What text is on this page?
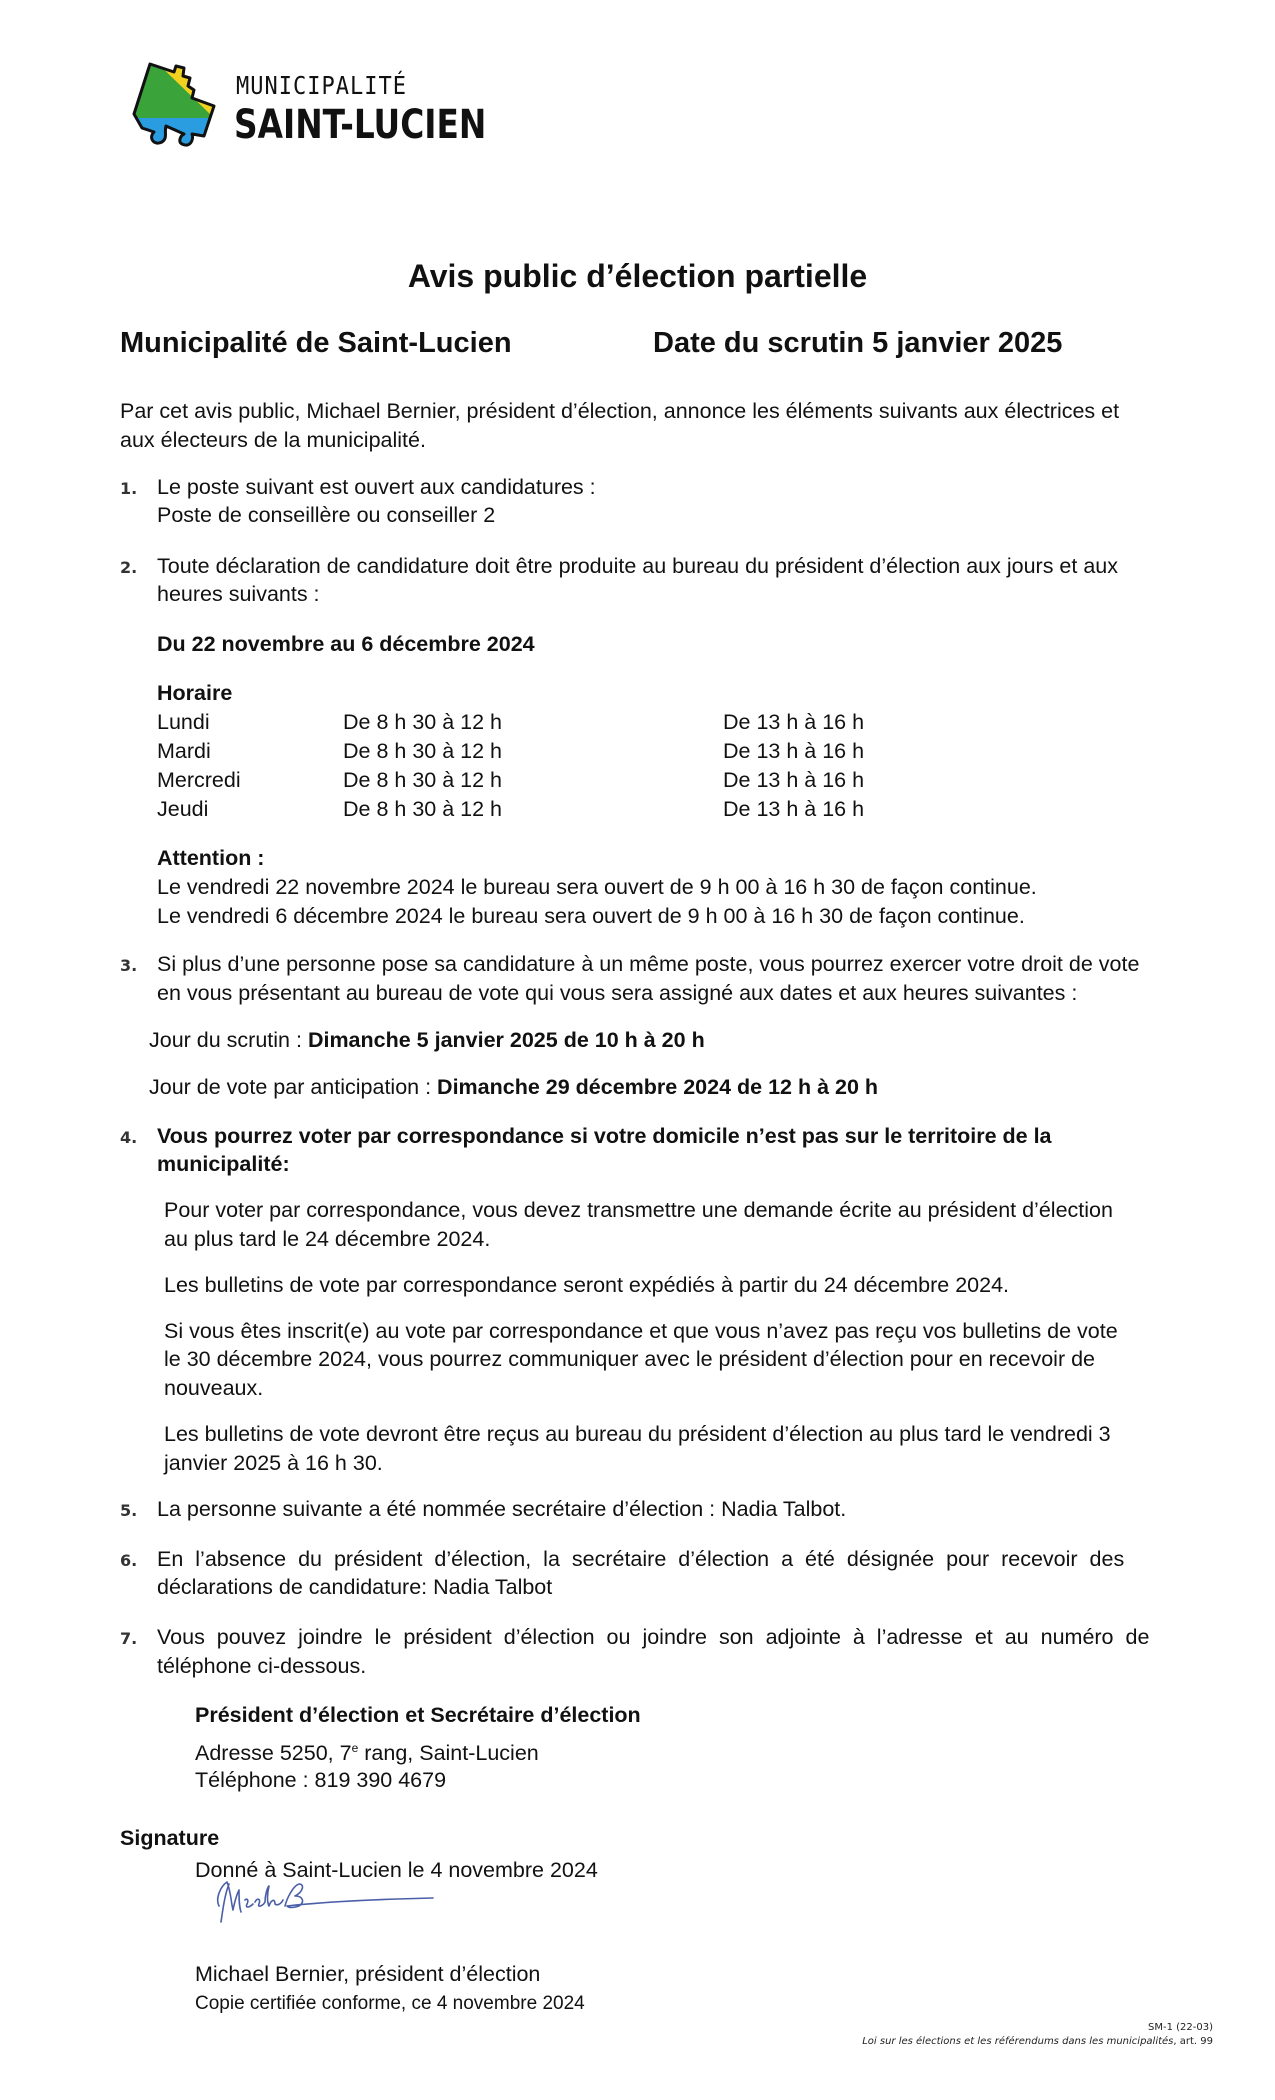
MUNICIPALITÉ
SAINT-LUCIEN
Avis public d’élection partielle
Municipalité de Saint-Lucien	Date du scrutin 5 janvier 2025
Par cet avis public, Michael Bernier, président d’élection, annonce les éléments suivants aux électrices et
aux électeurs de la municipalité.
1. Le poste suivant est ouvert aux candidatures :
Poste de conseillère ou conseiller 2
2. Toute déclaration de candidature doit être produite au bureau du président d’élection aux jours et aux
heures suivants :
Du 22 novembre au 6 décembre 2024
Horaire
Lundi	De 8 h 30 à 12 h	De 13 h à 16 h
Mardi	De 8 h 30 à 12 h	De 13 h à 16 h
Mercredi	De 8 h 30 à 12 h	De 13 h à 16 h
Jeudi	De 8 h 30 à 12 h	De 13 h à 16 h
Attention :
Le vendredi 22 novembre 2024 le bureau sera ouvert de 9 h 00 à 16 h 30 de façon continue.
Le vendredi 6 décembre 2024 le bureau sera ouvert de 9 h 00 à 16 h 30 de façon continue.
3. Si plus d’une personne pose sa candidature à un même poste, vous pourrez exercer votre droit de vote
en vous présentant au bureau de vote qui vous sera assigné aux dates et aux heures suivantes :
Jour du scrutin : Dimanche 5 janvier 2025 de 10 h à 20 h
Jour de vote par anticipation : Dimanche 29 décembre 2024 de 12 h à 20 h
4. Vous pourrez voter par correspondance si votre domicile n’est pas sur le territoire de la
municipalité:
Pour voter par correspondance, vous devez transmettre une demande écrite au président d’élection
au plus tard le 24 décembre 2024.
Les bulletins de vote par correspondance seront expédiés à partir du 24 décembre 2024.
Si vous êtes inscrit(e) au vote par correspondance et que vous n’avez pas reçu vos bulletins de vote
le 30 décembre 2024, vous pourrez communiquer avec le président d’élection pour en recevoir de
nouveaux.
Les bulletins de vote devront être reçus au bureau du président d’élection au plus tard le vendredi 3
janvier 2025 à 16 h 30.
5. La personne suivante a été nommée secrétaire d’élection : Nadia Talbot.
6. En l’absence du président d’élection, la secrétaire d’élection a été désignée pour recevoir des
déclarations de candidature: Nadia Talbot
7. Vous pouvez joindre le président d’élection ou joindre son adjointe à l’adresse et au numéro de
téléphone ci-dessous.
Président d’élection et Secrétaire d’élection
Adresse 5250, 7e rang, Saint-Lucien
Téléphone : 819 390 4679
Signature
Donné à Saint-Lucien le 4 novembre 2024
Michael Bernier, président d’élection
Copie certifiée conforme, ce 4 novembre 2024
SM-1 (22-03)
Loi sur les élections et les référendums dans les municipalités, art. 99
